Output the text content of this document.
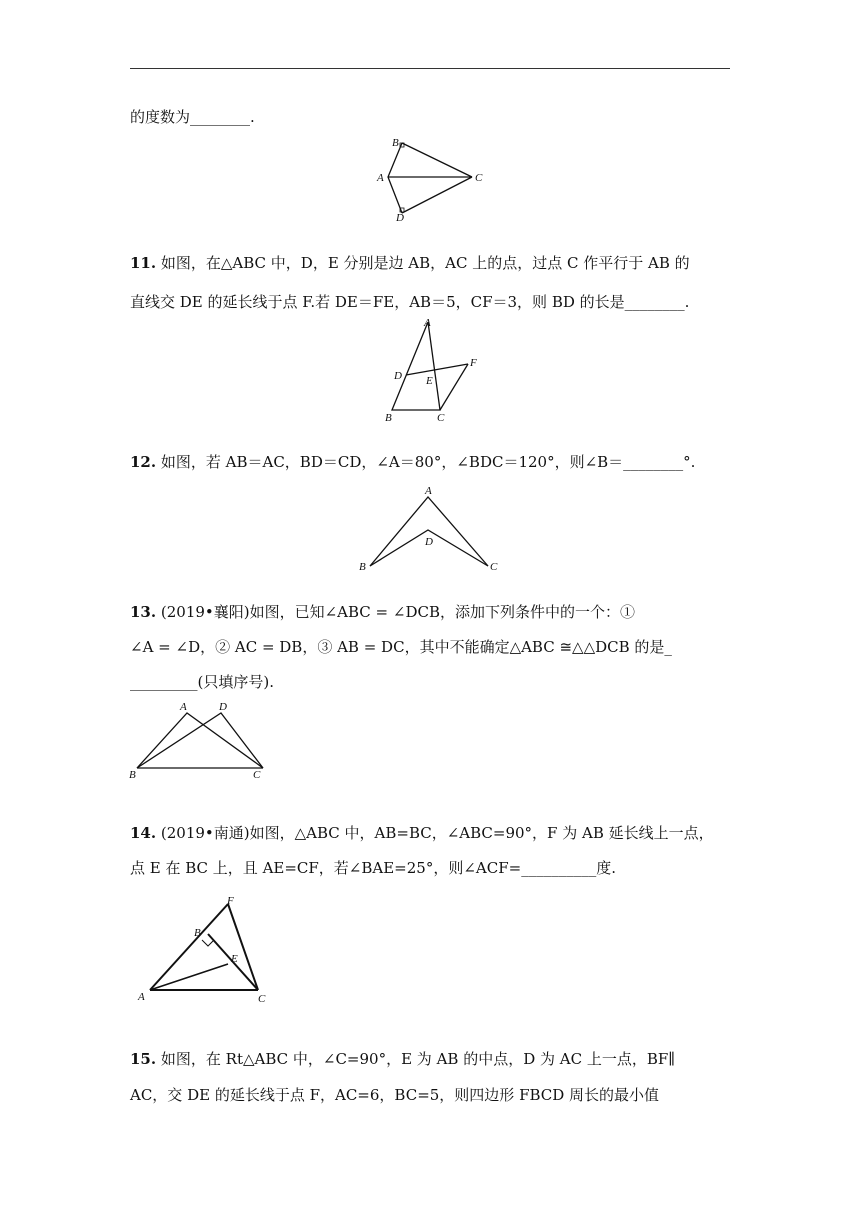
的度数为________.
B
A	C
D
11. 如图，在△ABC 中，D，E 分别是边 AB，AC 上的点，过点 C 作平行于 AB 的
直线交 DE 的延长线于点 F.若 DE＝FE，AB＝5，CF＝3，则 BD 的长是________.
A
D E
F
B	C
12. 如图，若 AB＝AC，BD＝CD，∠A＝80°，∠BDC＝120°，则∠B＝________°.
A
D
B	C
13. (2019•襄阳)如图，已知∠ABC = ∠DCB，添加下列条件中的一个：①
∠A = ∠D，② AC = DB，③ AB = DC，其中不能确定△ABC ≅△△DCB 的是_
_________(只填序号).
A	D
B	C
14. (2019•南通)如图，△ABC 中，AB=BC，∠ABC=90°，F 为 AB 延长线上一点，
点 E 在 BC 上，且 AE=CF，若∠BAE=25°，则∠ACF=__________度.
F
B
E
A	C
15. 如图，在 Rt△ABC 中，∠C=90°，E 为 AB 的中点，D 为 AC 上一点，BF∥
AC，交 DE 的延长线于点 F，AC=6，BC=5，则四边形 FBCD 周长的最小值
